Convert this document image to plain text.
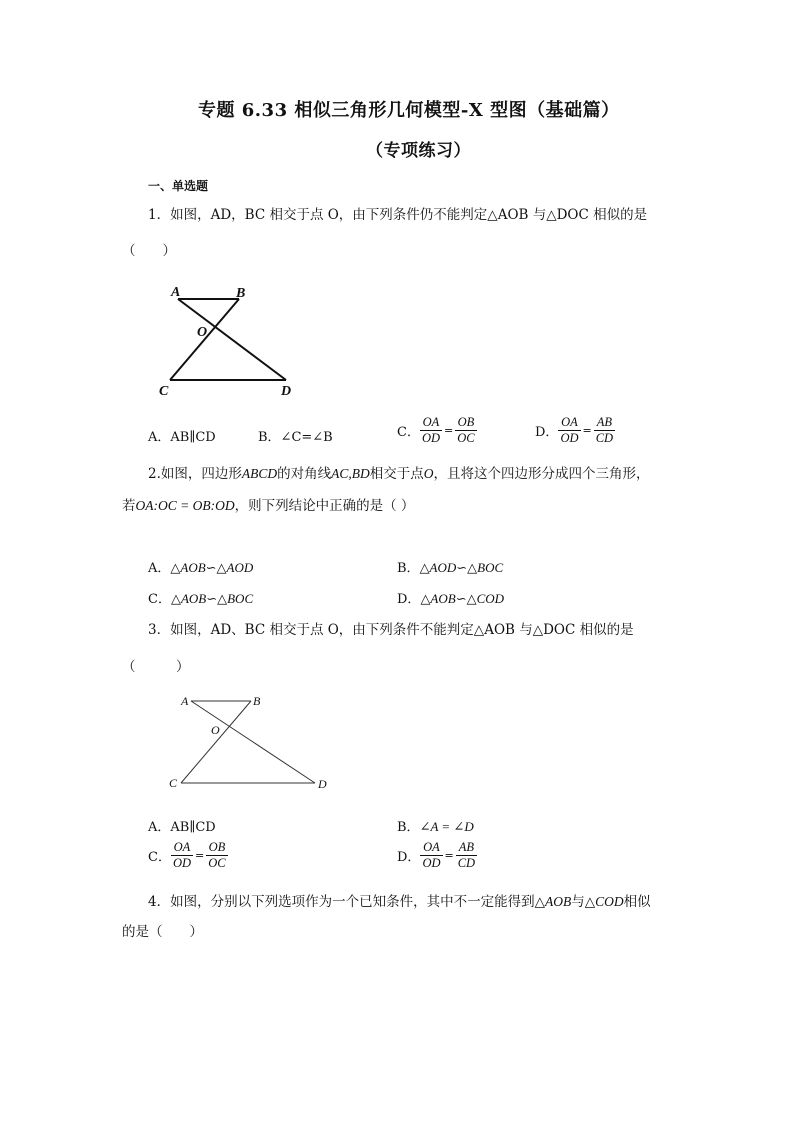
专题 6.33 相似三角形几何模型-X 型图（基础篇）
（专项练习）
一、单选题
1．如图，AD，BC 相交于点 O，由下列条件仍不能判定△AOB 与△DOC 相似的是
（　　）
A	B
O
C	D
A．AB∥CD	B．∠C=∠B	C． $\frac{OA}{OD} = \frac{OB}{OC}$	D． $\frac{OA}{OD} = \frac{AB}{CD}$
2.如图，四边形ABCD的对角线AC,BD相交于点O，且将这个四边形分成四个三角形，
若OA:OC = OB:OD，则下列结论中正确的是（ ）
A．△AOB∽△AOD	B．△AOD∽△BOC
C．△AOB∽△BOC	D．△AOB∽△COD
3．如图，AD、BC 相交于点 O，由下列条件不能判定△AOB 与△DOC 相似的是
（　　　）
A	B
O
C	D
A．AB∥CD	B．∠A = ∠D
C． $\frac{OA}{OD} = \frac{OB}{OC}$	D． $\frac{OA}{OD} = \frac{AB}{CD}$
4．如图，分别以下列选项作为一个已知条件，其中不一定能得到△AOB与△COD相似
的是（　　）
